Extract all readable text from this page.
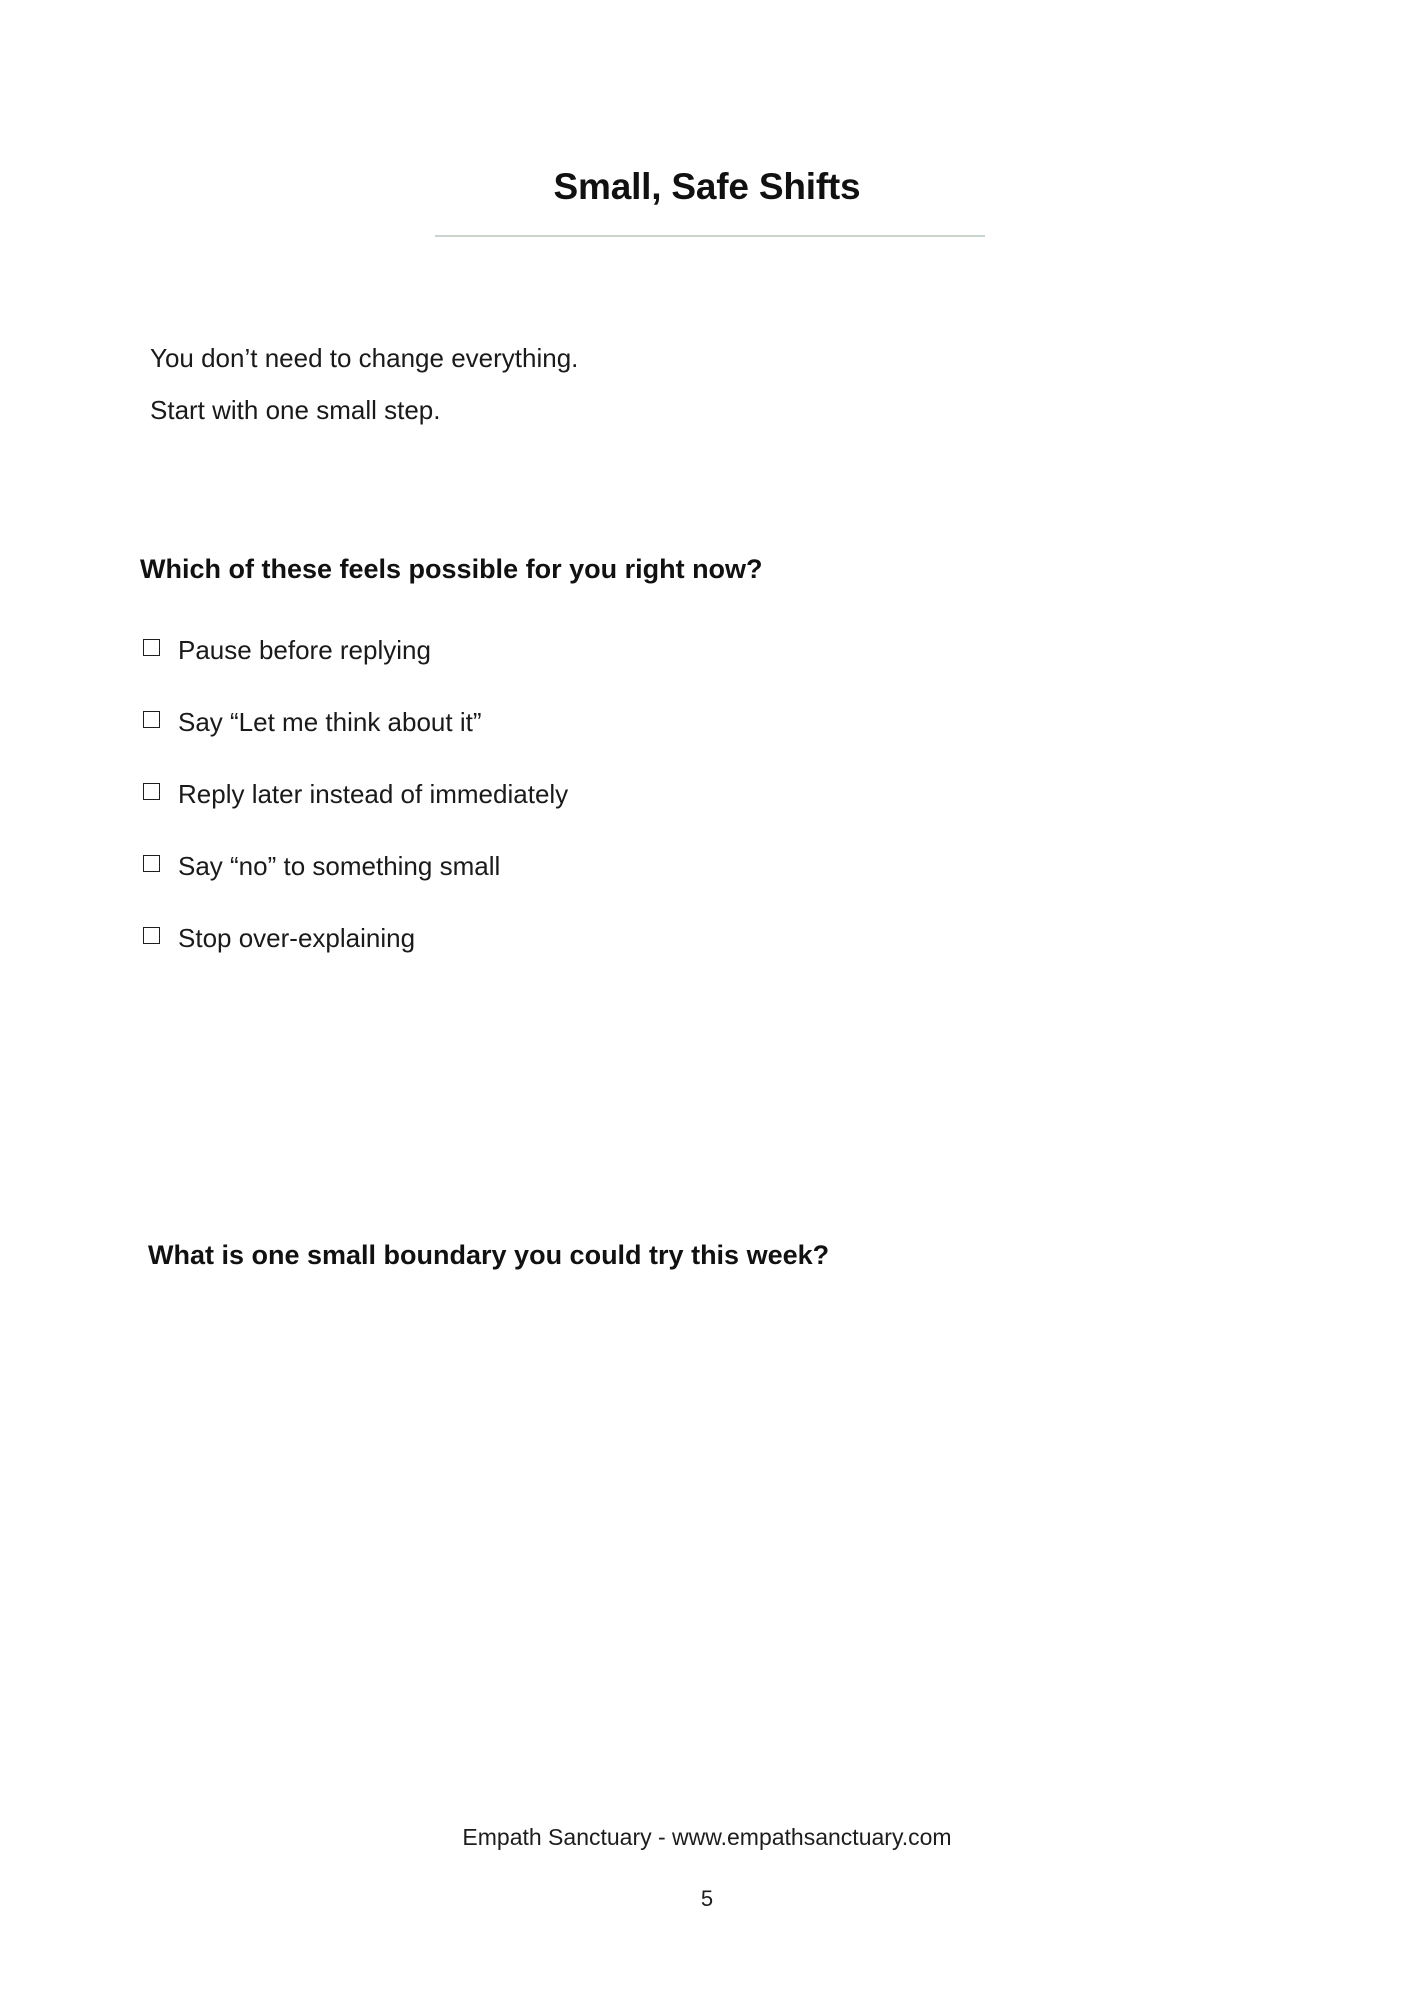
Small, Safe Shifts
You don’t need to change everything.
Start with one small step.
Which of these feels possible for you right now?
Pause before replying
Say “Let me think about it”
Reply later instead of immediately
Say “no” to something small
Stop over-explaining
What is one small boundary you could try this week?
Empath Sanctuary - www.empathsanctuary.com
5
